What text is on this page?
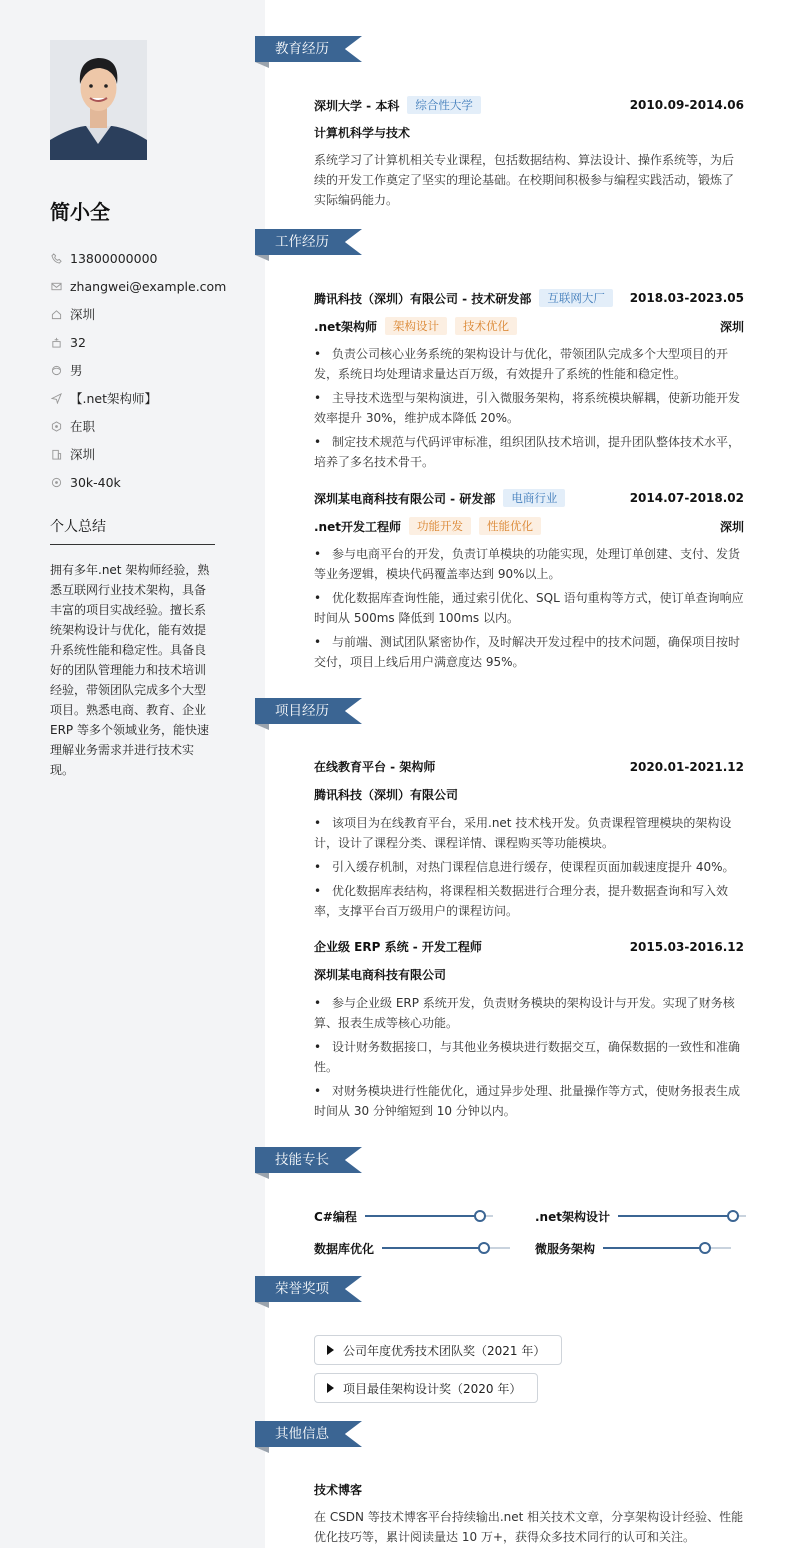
简小全
13800000000
zhangwei@example.com
深圳
32
男
【.net架构师】
在职
深圳
30k-40k
个人总结
拥有多年.net 架构师经验，熟悉互联网行业技术架构，具备丰富的项目实战经验。擅长系统架构设计与优化，能有效提升系统性能和稳定性。具备良好的团队管理能力和技术培训经验，带领团队完成多个大型项目。熟悉电商、教育、企业 ERP 等多个领域业务，能快速理解业务需求并进行技术实现。
教育经历
深圳大学 - 本科	综合性大学	2010.09-2014.06
计算机科学与技术
系统学习了计算机相关专业课程，包括数据结构、算法设计、操作系统等，为后续的开发工作奠定了坚实的理论基础。在校期间积极参与编程实践活动，锻炼了实际编码能力。
工作经历
腾讯科技（深圳）有限公司 - 技术研发部	互联网大厂	2018.03-2023.05
.net架构师	架构设计	技术优化	深圳
• 负责公司核心业务系统的架构设计与优化，带领团队完成多个大型项目的开发，系统日均处理请求量达百万级，有效提升了系统的性能和稳定性。
• 主导技术选型与架构演进，引入微服务架构，将系统模块解耦，使新功能开发效率提升 30%，维护成本降低 20%。
• 制定技术规范与代码评审标准，组织团队技术培训，提升团队整体技术水平，培养了多名技术骨干。
深圳某电商科技有限公司 - 研发部	电商行业	2014.07-2018.02
.net开发工程师	功能开发	性能优化	深圳
• 参与电商平台的开发，负责订单模块的功能实现，处理订单创建、支付、发货等业务逻辑，模块代码覆盖率达到 90%以上。
• 优化数据库查询性能，通过索引优化、SQL 语句重构等方式，使订单查询响应时间从 500ms 降低到 100ms 以内。
• 与前端、测试团队紧密协作，及时解决开发过程中的技术问题，确保项目按时交付，项目上线后用户满意度达 95%。
项目经历
在线教育平台 - 架构师	2020.01-2021.12
腾讯科技（深圳）有限公司
• 该项目为在线教育平台，采用.net 技术栈开发。负责课程管理模块的架构设计，设计了课程分类、课程详情、课程购买等功能模块。
• 引入缓存机制，对热门课程信息进行缓存，使课程页面加载速度提升 40%。
• 优化数据库表结构，将课程相关数据进行合理分表，提升数据查询和写入效率，支撑平台百万级用户的课程访问。
企业级 ERP 系统 - 开发工程师	2015.03-2016.12
深圳某电商科技有限公司
• 参与企业级 ERP 系统开发，负责财务模块的架构设计与开发。实现了财务核算、报表生成等核心功能。
• 设计财务数据接口，与其他业务模块进行数据交互，确保数据的一致性和准确性。
• 对财务模块进行性能优化，通过异步处理、批量操作等方式，使财务报表生成时间从 30 分钟缩短到 10 分钟以内。
技能专长
C#编程	.net架构设计
数据库优化	微服务架构
荣誉奖项
公司年度优秀技术团队奖（2021 年）
项目最佳架构设计奖（2020 年）
其他信息
技术博客
在 CSDN 等技术博客平台持续输出.net 相关技术文章，分享架构设计经验、性能优化技巧等，累计阅读量达 10 万+，获得众多技术同行的认可和关注。
